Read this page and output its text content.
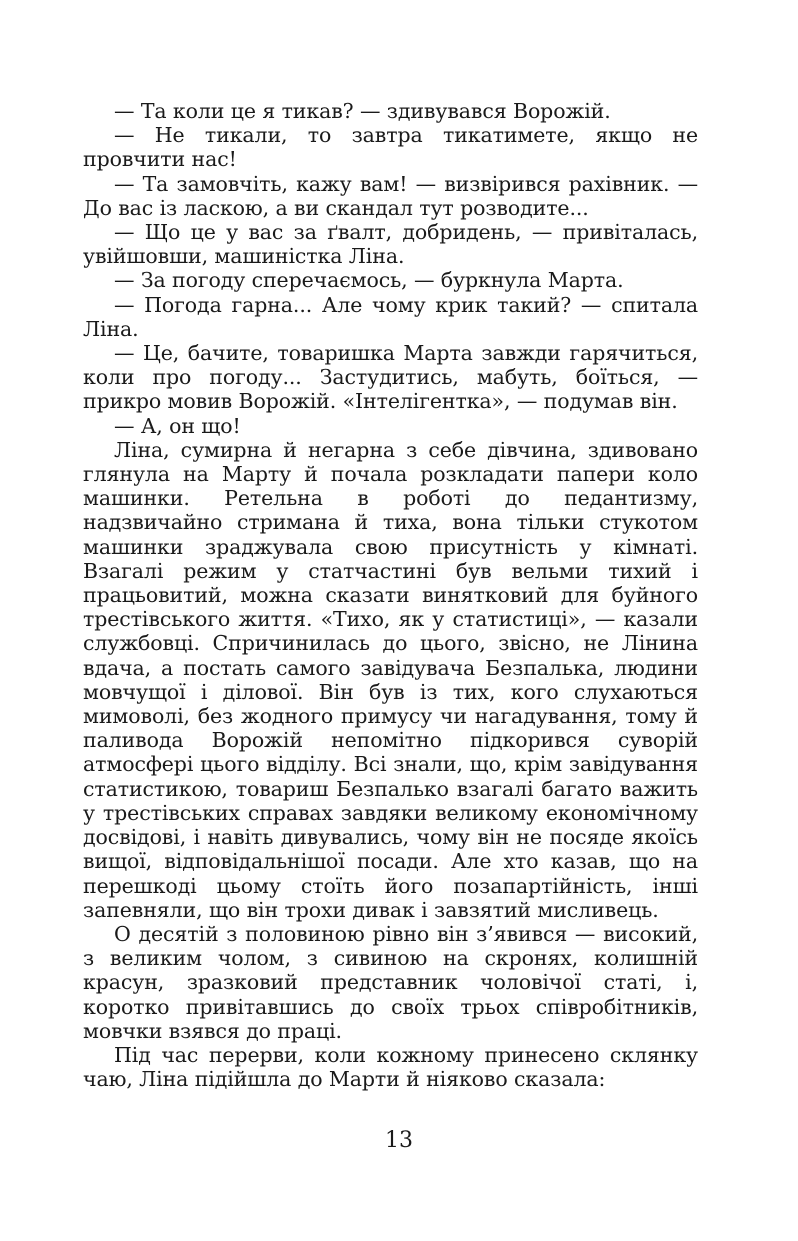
— Та коли це я тикав? — здивувався Ворожій.

— Не тикали, то завтра тикатимете, якщо не провчити нас!

— Та замовчіть, кажу вам! — визвірився рахівник. — До вас із ласкою, а ви скандал тут розводите...

— Що це у вас за ґвалт, добридень, — привіталась, увійшовши, машиністка Ліна.

— За погоду сперечаємось, — буркнула Марта.

— Погода гарна... Але чому крик такий? — спитала Ліна.

— Це, бачите, товаришка Марта завжди гарячиться, коли про погоду... Застудитись, мабуть, боїться, — прикро мовив Ворожій. «Інтелігентка», — подумав він.

— А, он що!

Ліна, сумирна й негарна з себе дівчина, здивовано глянула на Марту й почала розкладати папери коло машинки. Ретельна в роботі до педантизму, надзвичайно стримана й тиха, вона тільки стукотом машинки зраджувала свою присутність у кімнаті. Взагалі режим у статчастині був вельми тихий і працьовитий, можна сказати винятковий для буйного трестівського життя. «Тихо, як у статистиці», — казали службовці. Спричинилась до цього, звісно, не Лінина вдача, а постать самого завідувача Безпалька, людини мовчущої і ділової. Він був із тих, кого слухаються мимоволі, без жодного примусу чи нагадування, тому й паливода Ворожій непомітно підкорився суворій атмосфері цього відділу. Всі знали, що, крім завідування статистикою, товариш Безпалько взагалі багато важить у трестівських справах завдяки великому економічному досвідові, і навіть дивувались, чому він не посяде якоїсь вищої, відповідальнішої посади. Але хто казав, що на перешкоді цьому стоїть його позапартійність, інші запевняли, що він трохи дивак і завзятий мисливець.

О десятій з половиною рівно він з’явився — високий, з великим чолом, з сивиною на скронях, колишній красун, зразковий представник чоловічої статі, і, коротко привітавшись до своїх трьох співробітників, мовчки взявся до праці.

Під час перерви, коли кожному принесено склянку чаю, Ліна підійшла до Марти й ніяково сказала:

13
